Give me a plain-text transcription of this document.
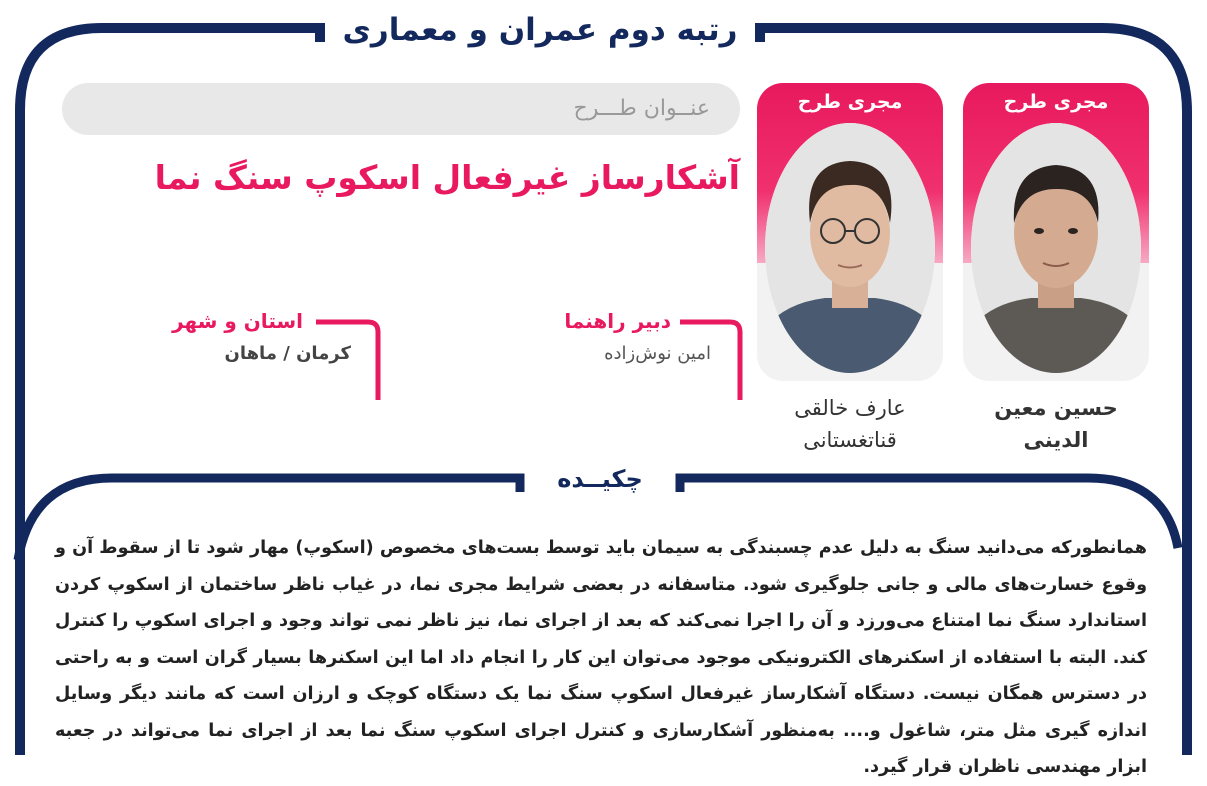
رتبه دوم عمران و معماری
عنــوان طـــرح
آشکارساز غیرفعال اسکوپ سنگ نما
دبیر راهنما
امین نوش‌زاده
استان و شهر
کرمان / ماهان
مجری طرح
حسین معین
الدینی
مجری طرح
عارف خالقی
قناتغستانی
چکیــده
همانطورکه می‌دانید سنگ به دلیل عدم چسبندگی به سیمان باید توسط بست‌های مخصوص (اسکوپ) مهار شود تا از سقوط آن و وقوع خسارت‌های مالی و جانی جلوگیری شود. متاسفانه در بعضی شرایط مجری نما، در غیاب ناظر ساختمان از اسکوپ کردن استاندارد سنگ نما امتناع می‌ورزد و آن را اجرا نمی‌کند که بعد از اجرای نما، نیز ناظر نمی‌ تواند وجود و اجرای اسکوپ را کنترل کند. البته با استفاده از اسکنرهای الکترونیکی موجود می‌توان این کار را انجام داد اما این اسکنرها بسیار گران است و به راحتی در دسترس همگان نیست. دستگاه آشکارساز غیرفعال اسکوپ سنگ نما یک دستگاه کوچک و ارزان است که مانند دیگر وسایل اندازه گیری مثل متر، شاغول و.... به‌منظور آشکارسازی و کنترل اجرای اسکوپ سنگ نما بعد از اجرای نما می‌تواند در جعبه ابزار مهندسی ناظران قرار گیرد.
